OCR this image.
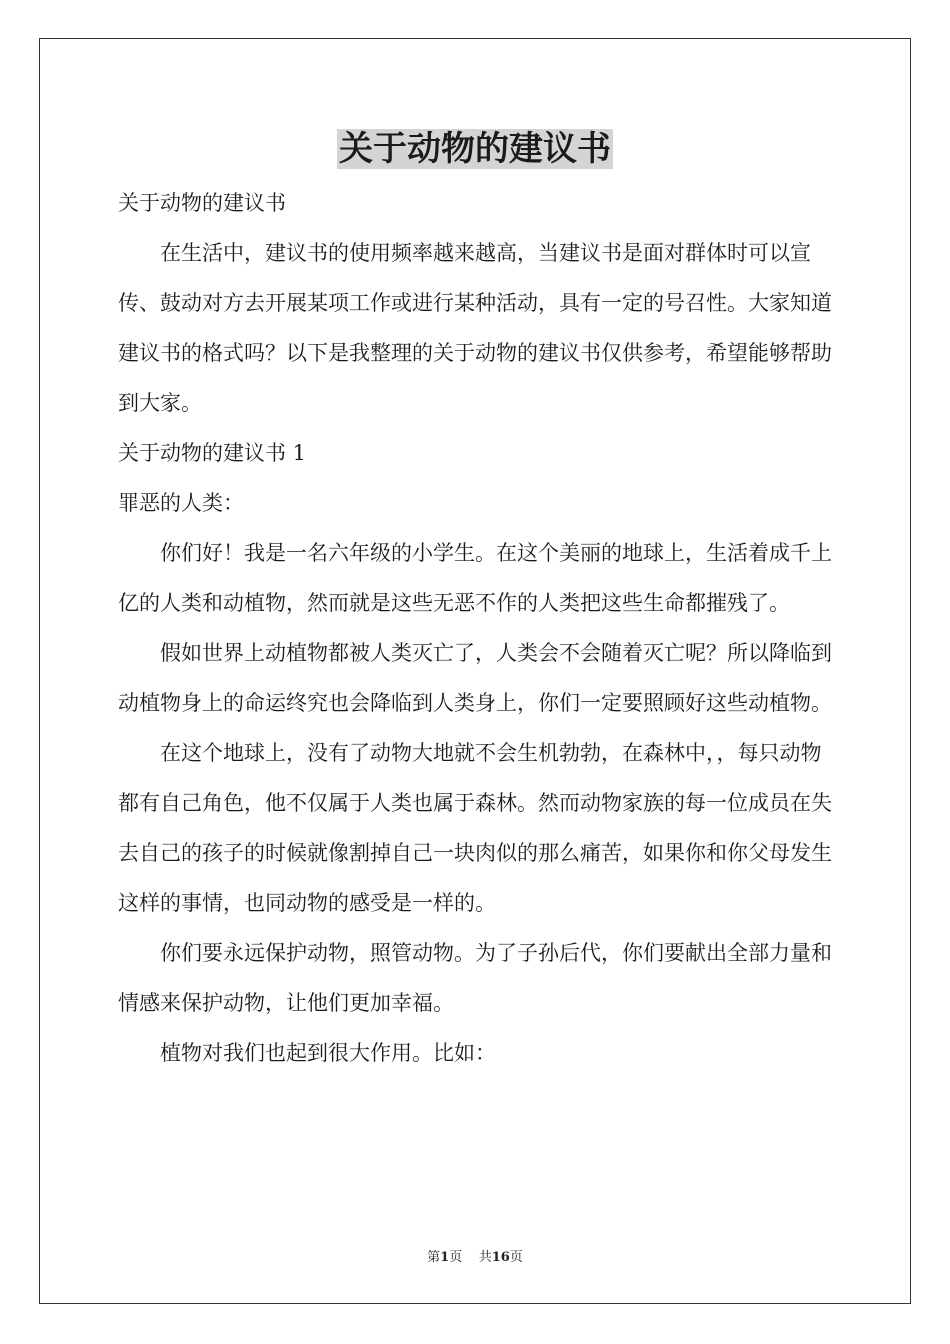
关于动物的建议书

关于动物的建议书

在生活中，建议书的使用频率越来越高，当建议书是面对群体时可以宣传、鼓动对方去开展某项工作或进行某种活动，具有一定的号召性。大家知道建议书的格式吗？以下是我整理的关于动物的建议书仅供参考，希望能够帮助到大家。

关于动物的建议书 1

罪恶的人类：

你们好！我是一名六年级的小学生。在这个美丽的地球上，生活着成千上亿的人类和动植物，然而就是这些无恶不作的人类把这些生命都摧残了。

假如世界上动植物都被人类灭亡了，人类会不会随着灭亡呢？所以降临到动植物身上的命运终究也会降临到人类身上，你们一定要照顾好这些动植物。

在这个地球上，没有了动物大地就不会生机勃勃，在森林中，，每只动物都有自己角色，他不仅属于人类也属于森林。然而动物家族的每一位成员在失去自己的孩子的时候就像割掉自己一块肉似的那么痛苦，如果你和你父母发生这样的事情，也同动物的感受是一样的。

你们要永远保护动物，照管动物。为了子孙后代，你们要献出全部力量和情感来保护动物，让他们更加幸福。

植物对我们也起到很大作用。比如：

第1页 共16页
